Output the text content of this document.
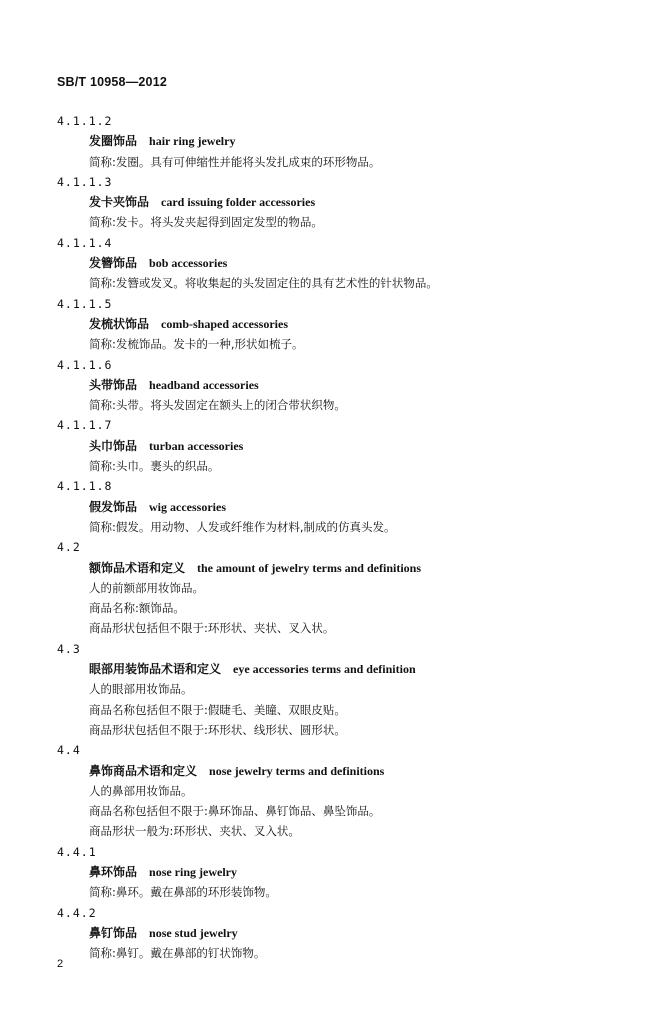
SB/T 10958—2012
4.1.1.2
发圈饰品 hair ring jewelry
简称:发圈。具有可伸缩性并能将头发扎成束的环形物品。
4.1.1.3
发卡夹饰品 card issuing folder accessories
简称:发卡。将头发夹起得到固定发型的物品。
4.1.1.4
发簪饰品 bob accessories
简称:发簪或发叉。将收集起的头发固定住的具有艺术性的针状物品。
4.1.1.5
发梳状饰品 comb-shaped accessories
简称:发梳饰品。发卡的一种,形状如梳子。
4.1.1.6
头带饰品 headband accessories
简称:头带。将头发固定在额头上的闭合带状织物。
4.1.1.7
头巾饰品 turban accessories
简称:头巾。裹头的织品。
4.1.1.8
假发饰品 wig accessories
简称:假发。用动物、人发或纤维作为材料,制成的仿真头发。
4.2
额饰品术语和定义 the amount of jewelry terms and definitions
人的前额部用妆饰品。
商品名称:额饰品。
商品形状包括但不限于:环形状、夹状、叉入状。
4.3
眼部用装饰品术语和定义 eye accessories terms and definition
人的眼部用妆饰品。
商品名称包括但不限于:假睫毛、美瞳、双眼皮贴。
商品形状包括但不限于:环形状、线形状、圆形状。
4.4
鼻饰商品术语和定义 nose jewelry terms and definitions
人的鼻部用妆饰品。
商品名称包括但不限于:鼻环饰品、鼻钉饰品、鼻坠饰品。
商品形状一般为:环形状、夹状、叉入状。
4.4.1
鼻环饰品 nose ring jewelry
简称:鼻环。戴在鼻部的环形装饰物。
4.4.2
鼻钉饰品 nose stud jewelry
简称:鼻钉。戴在鼻部的钉状饰物。
2
